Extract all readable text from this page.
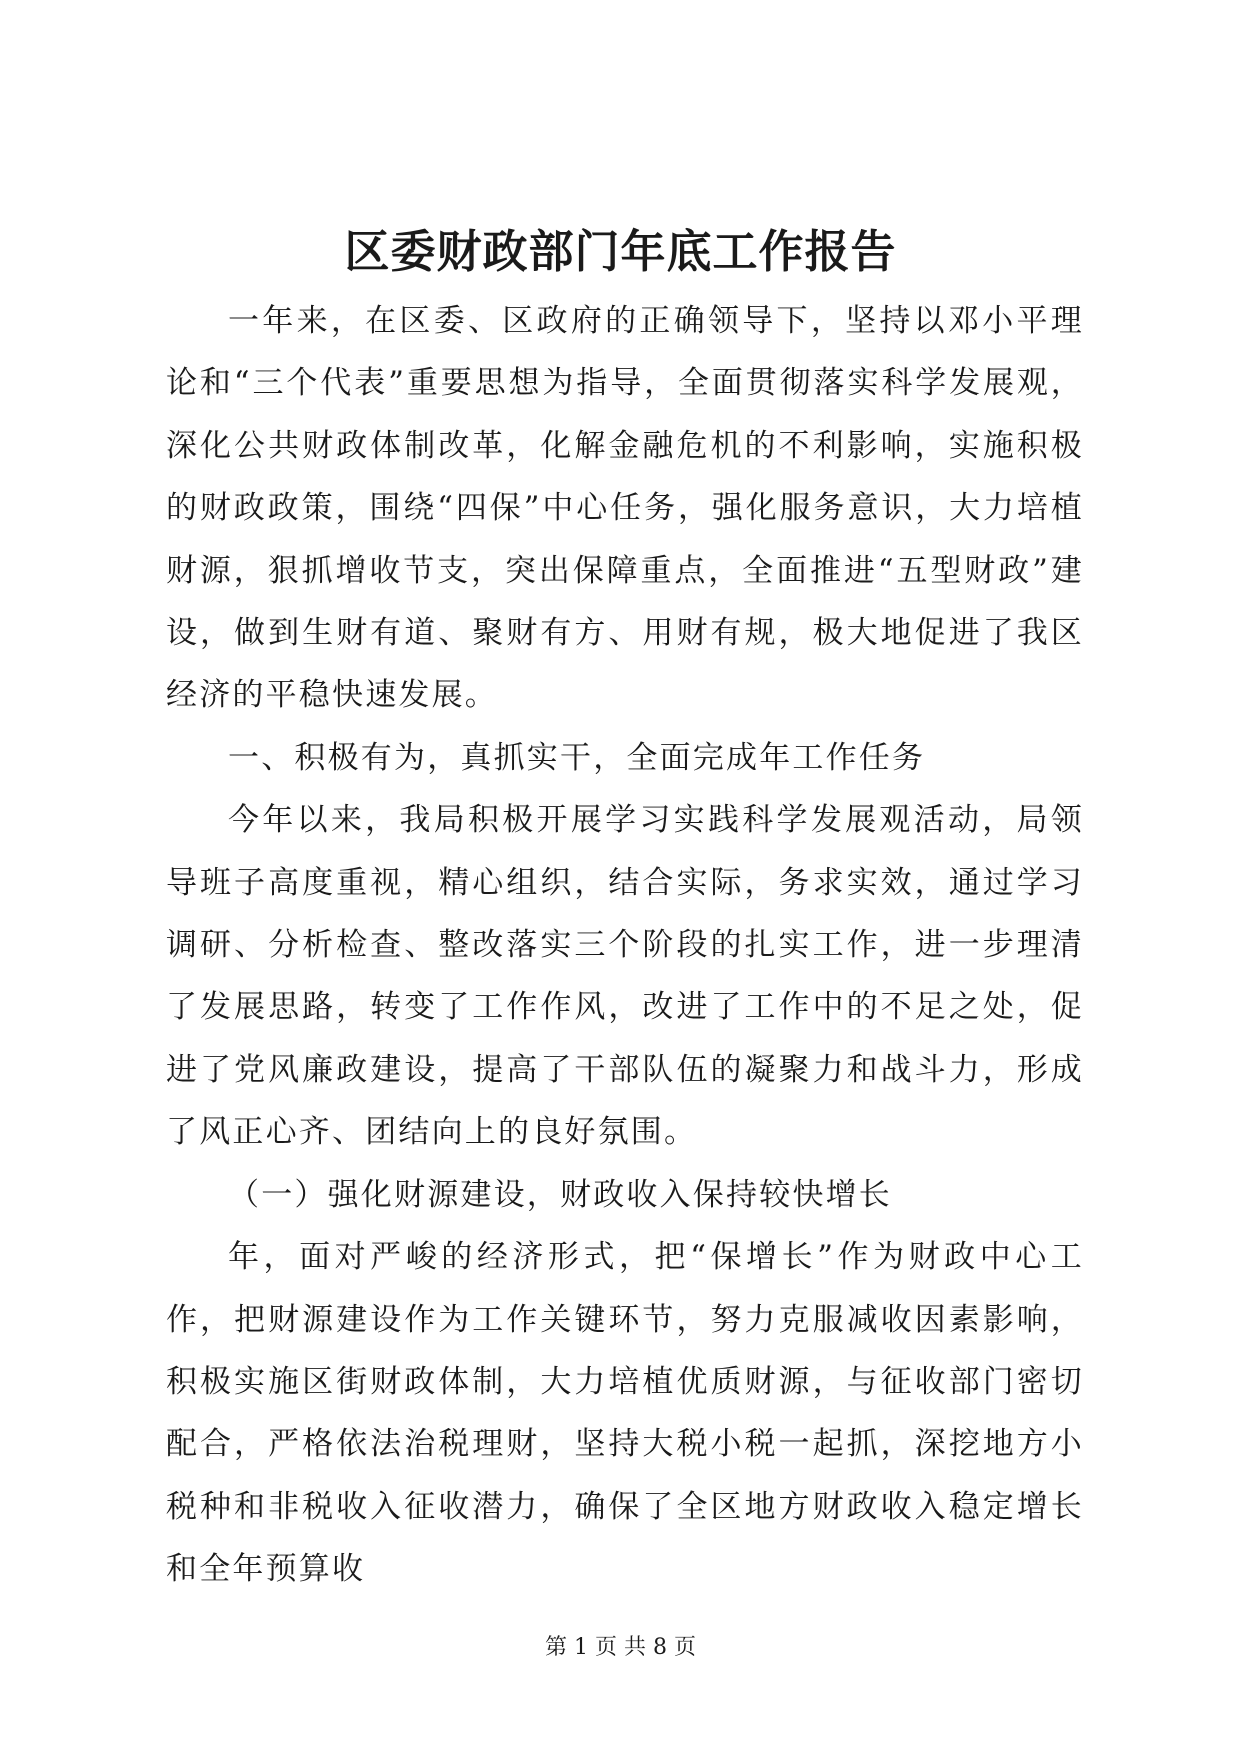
区委财政部门年底工作报告

一年来，在区委、区政府的正确领导下，坚持以邓小平理论和“三个代表”重要思想为指导，全面贯彻落实科学发展观，深化公共财政体制改革，化解金融危机的不利影响，实施积极的财政政策，围绕“四保”中心任务，强化服务意识，大力培植财源，狠抓增收节支，突出保障重点，全面推进“五型财政”建设，做到生财有道、聚财有方、用财有规，极大地促进了我区经济的平稳快速发展。

一、积极有为，真抓实干，全面完成年工作任务

今年以来，我局积极开展学习实践科学发展观活动，局领导班子高度重视，精心组织，结合实际，务求实效，通过学习调研、分析检查、整改落实三个阶段的扎实工作，进一步理清了发展思路，转变了工作作风，改进了工作中的不足之处，促进了党风廉政建设，提高了干部队伍的凝聚力和战斗力，形成了风正心齐、团结向上的良好氛围。

（一）强化财源建设，财政收入保持较快增长

年，面对严峻的经济形式，把“保增长”作为财政中心工作，把财源建设作为工作关键环节，努力克服减收因素影响，积极实施区街财政体制，大力培植优质财源，与征收部门密切配合，严格依法治税理财，坚持大税小税一起抓，深挖地方小税种和非税收入征收潜力，确保了全区地方财政收入稳定增长和全年预算收

第 1 页 共 8 页
